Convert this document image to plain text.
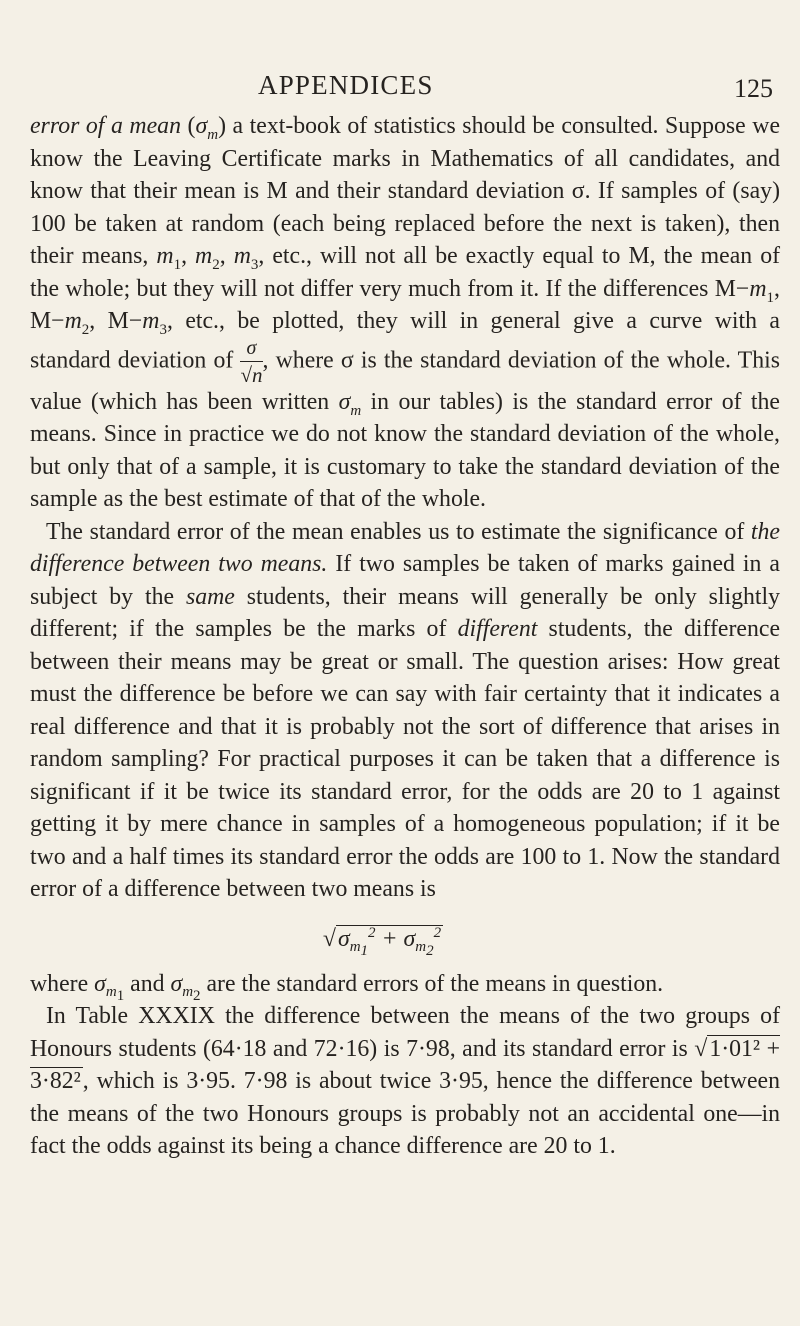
APPENDICES	125

error of a mean $(\sigma_m)$ a text-book of statistics should be consulted. Suppose we know the Leaving Certificate marks in Mathematics of all candidates, and know that their mean is M and their standard deviation σ. If samples of (say) 100 be taken at random (each being replaced before the next is taken), then their means, $m_1$, $m_2$, $m_3$, etc., will not all be exactly equal to M, the mean of the whole; but they will not differ very much from it. If the differences $M-m_1$, $M-m_2$, $M-m_3$, etc., be plotted, they will in general give a curve with a standard deviation of $\frac{\sigma}{√n}$ , where σ is the standard deviation of the whole. This value (which has been written $\sigma_m$ in our tables) is the standard error of the means. Since in practice we do not know the standard deviation of the whole, but only that of a sample, it is customary to take the standard deviation of the sample as the best estimate of that of the whole.

The standard error of the mean enables us to estimate the significance of the difference between two means. If two samples be taken of marks gained in a subject by the same students, their means will generally be only slightly different; if the samples be the marks of different students, the difference between their means may be great or small. The question arises: How great must the difference be before we can say with fair certainty that it indicates a real difference and that it is probably not the sort of difference that arises in random sampling? For practical purposes it can be taken that a difference is significant if it be twice its standard error, for the odds are 20 to 1 against getting it by mere chance in samples of a homogeneous population; if it be two and a half times its standard error the odds are 100 to 1. Now the standard error of a difference between two means is

$√\sigma_{m_1}^2 + \sigma_{m_2}^2$

where $\sigma_{m_1}$ and $\sigma_{m_2}$ are the standard errors of the means in question.

In Table XXXIX the difference between the means of the two groups of Honours students (64·18 and 72·16) is 7·98, and its standard error is √1·01² + 3·82², which is 3·95. 7·98 is about twice 3·95, hence the difference between the means of the two Honours groups is probably not an accidental one—in fact the odds against its being a chance difference are 20 to 1.
